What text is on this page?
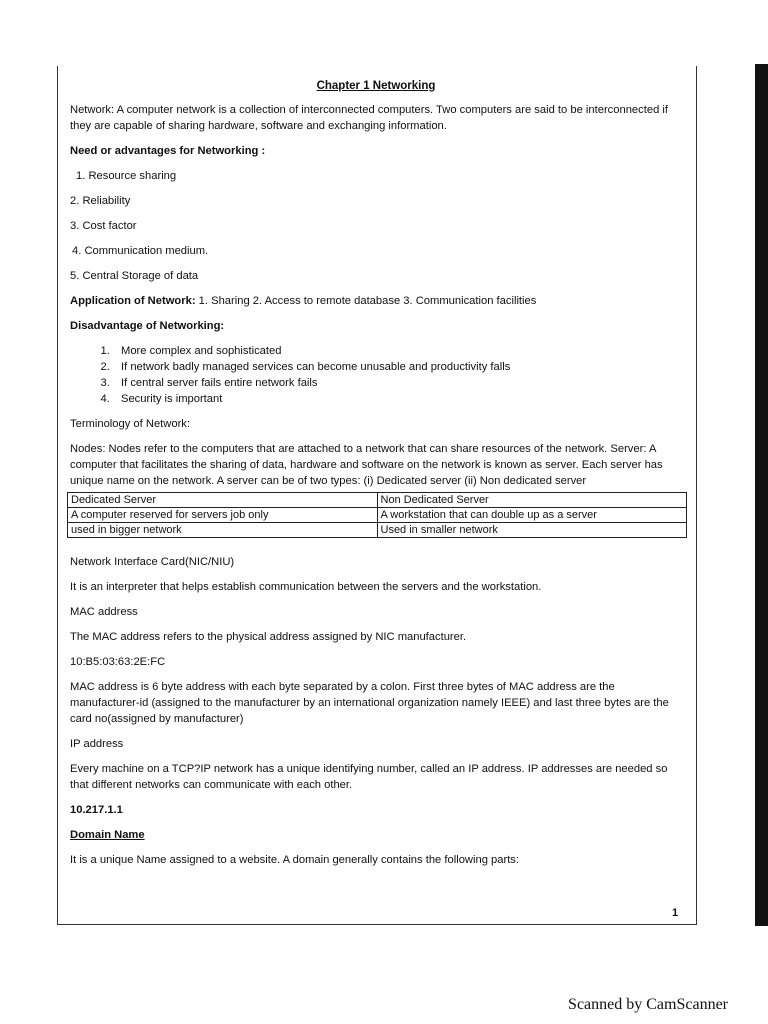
Chapter 1 Networking

Network: A computer network is a collection of interconnected computers. Two computers are said to be interconnected if they are capable of sharing hardware, software and exchanging information.

Need or advantages for Networking :

1. Resource sharing

2. Reliability

3. Cost factor

4. Communication medium.

5. Central Storage of data

Application of Network: 1. Sharing 2. Access to remote database 3. Communication facilities

Disadvantage of Networking:

1. More complex and sophisticated
2. If network badly managed services can become unusable and productivity falls
3. If central server fails entire network fails
4. Security is important

Terminology of Network:

Nodes: Nodes refer to the computers that are attached to a network that can share resources of the network. Server: A computer that facilitates the sharing of data, hardware and software on the network is known as server. Each server has unique name on the network. A server can be of two types: (i) Dedicated server (ii) Non dedicated server

Dedicated Server	Non Dedicated Server
A computer reserved for servers job only	A workstation that can double up as a server
used in bigger network	Used in smaller network

Network Interface Card(NIC/NIU)

It is an interpreter that helps establish communication between the servers and the workstation.

MAC address

The MAC address refers to the physical address assigned by NIC manufacturer.

10:B5:03:63:2E:FC

MAC address is 6 byte address with each byte separated by a colon. First three bytes of MAC address are the manufacturer-id (assigned to the manufacturer by an international organization namely IEEE) and last three bytes are the card no(assigned by manufacturer)

IP address

Every machine on a TCP?IP network has a unique identifying number, called an IP address. IP addresses are needed so that different networks can communicate with each other.

10.217.1.1

Domain Name

It is a unique Name assigned to a website. A domain generally contains the following parts:

1
Scanned by CamScanner
